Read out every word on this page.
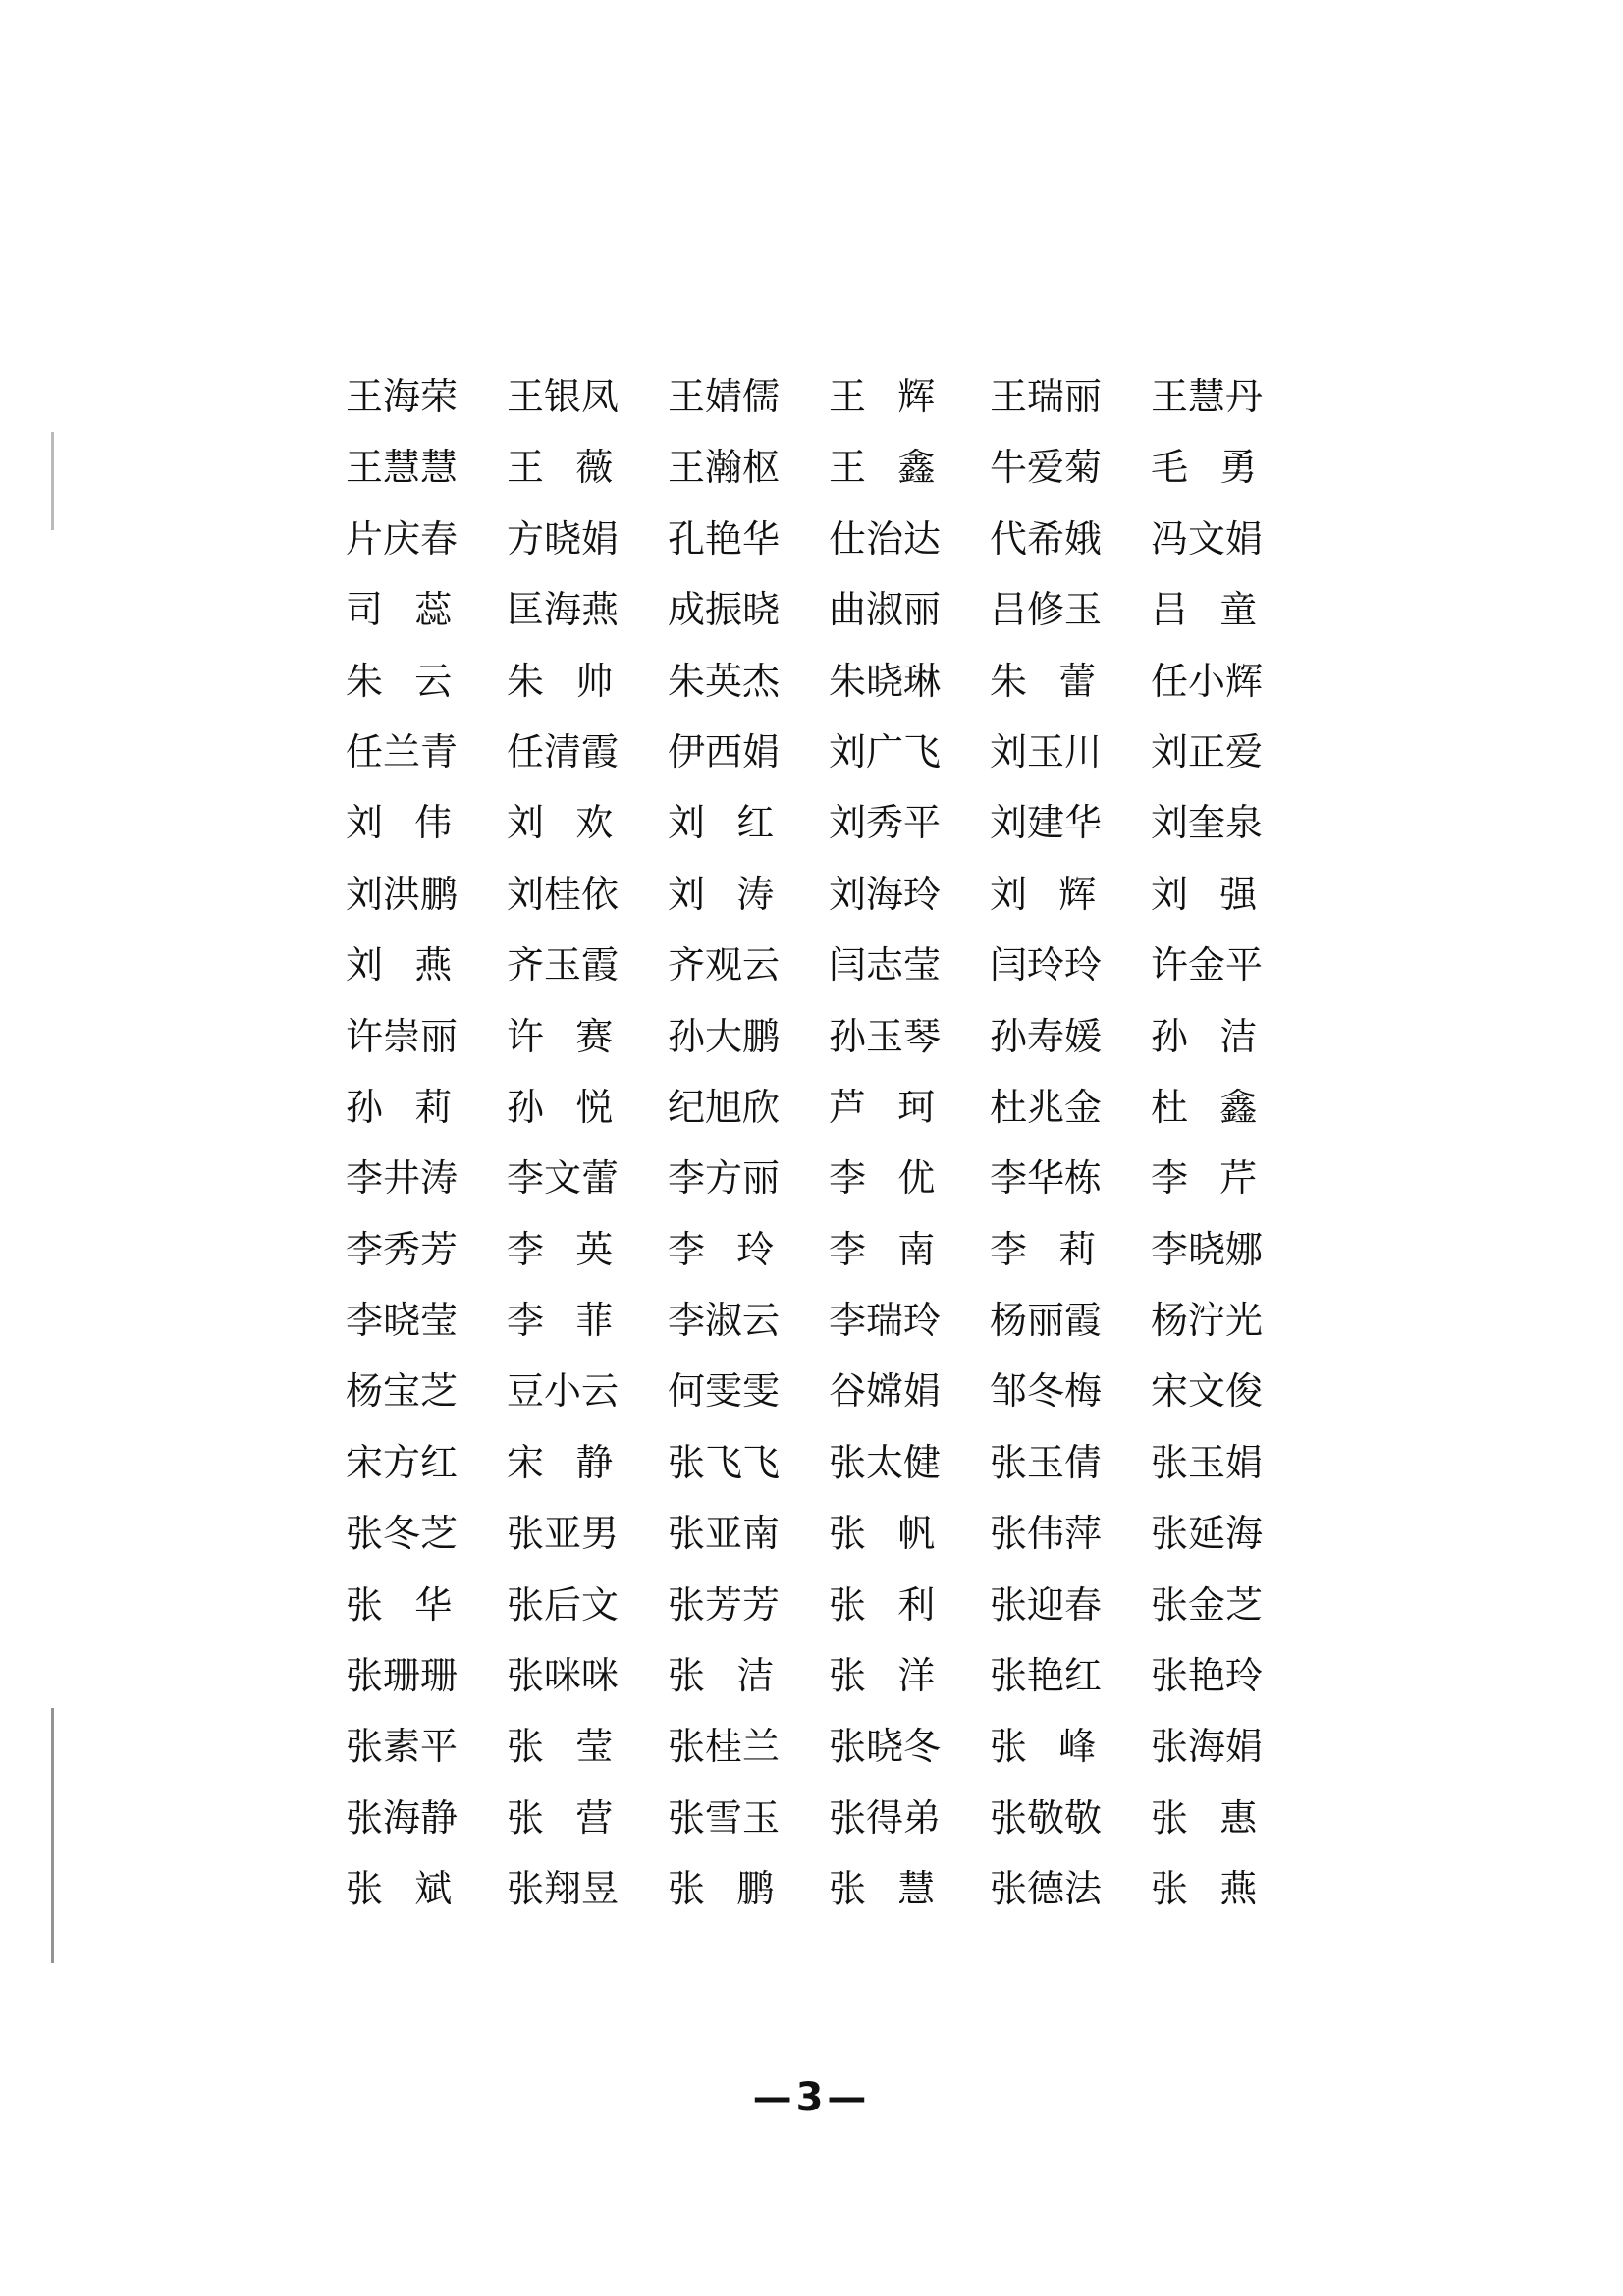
王海荣	王银凤	王婧儒	王辉 王瑞丽	王慧丹
王慧慧	王薇 王瀚枢	王鑫 牛爱菊	毛勇
片庆春	方晓娟	孔艳华	仕治达	代希娥	冯文娟
司蕊 匡海燕	成振晓	曲淑丽	吕修玉	吕童
朱云 朱帅 朱英杰	朱晓琳	朱蕾 任小辉
任兰青	任清霞	伊西娟	刘广飞	刘玉川	刘正爱
刘伟 刘欢 刘红 刘秀平	刘建华	刘奎泉
刘洪鹏	刘桂依	刘涛 刘海玲	刘辉 刘强
刘燕 齐玉霞	齐观云	闫志莹	闫玲玲	许金平
许崇丽	许赛 孙大鹏	孙玉琴	孙寿媛	孙洁
孙莉 孙悦 纪旭欣	芦珂 杜兆金	杜鑫
李井涛	李文蕾	李方丽	李优 李华栋	李芹
李秀芳	李英 李玲 李南 李莉 李晓娜
李晓莹	李菲 李淑云	李瑞玲	杨丽霞	杨泞光
杨宝芝	豆小云	何雯雯	谷嫦娟	邹冬梅	宋文俊
宋方红	宋静 张飞飞	张太健	张玉倩	张玉娟
张冬芝	张亚男	张亚南	张帆 张伟萍	张延海
张华 张后文	张芳芳	张利 张迎春	张金芝
张珊珊	张咪咪	张洁 张洋 张艳红	张艳玲
张素平	张莹 张桂兰	张晓冬	张峰 张海娟
张海静	张营 张雪玉	张得弟	张敬敬	张惠
张斌 张翔昱	张鹏 张慧 张德法	张燕
—3—
